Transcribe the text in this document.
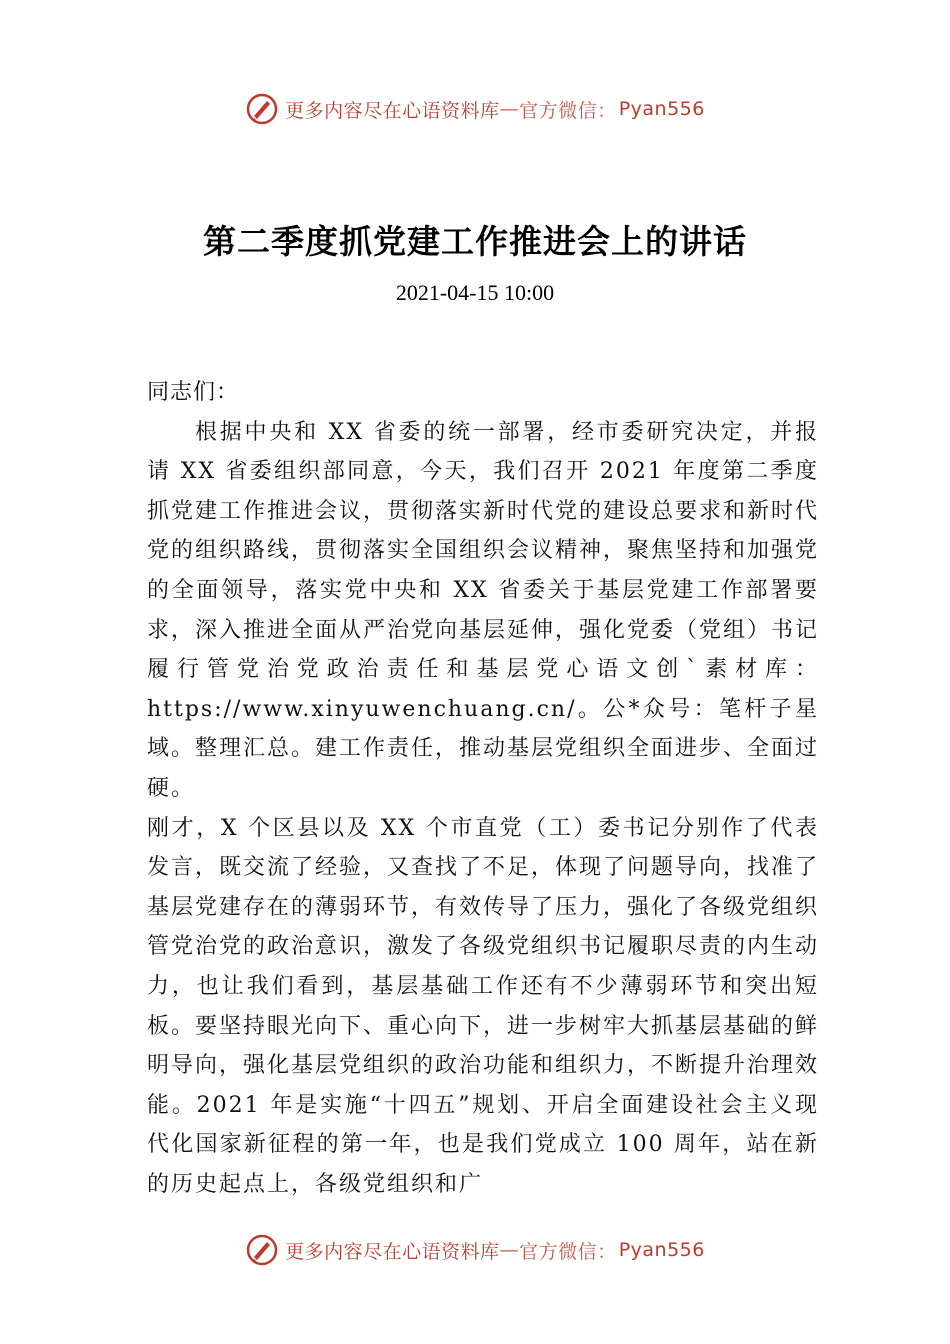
更多内容尽在心语资料库 — 官方微信： Pyan556
第二季度抓党建工作推进会上的讲话
2021-04-15 10:00

同志们：

根据中央和 XX 省委的统一部署，经市委研究决定，并报请 XX 省委组织部同意，今天，我们召开 2021 年度第二季度抓党建工作推进会议，贯彻落实新时代党的建设总要求和新时代党的组织路线，贯彻落实全国组织会议精神，聚焦坚持和加强党的全面领导，落实党中央和 XX 省委关于基层党建工作部署要求，深入推进全面从严治党向基层延伸，强化党委（党组）书记履行管党治党政治责任和基层党心语文创`素材库：https://www.xinyuwenchuang.cn/。公*众号：笔杆子星域。整理汇总。建工作责任，推动基层党组织全面进步、全面过硬。

刚才，X 个区县以及 XX 个市直党（工）委书记分别作了代表发言，既交流了经验，又查找了不足，体现了问题导向，找准了基层党建存在的薄弱环节，有效传导了压力，强化了各级党组织管党治党的政治意识，激发了各级党组织书记履职尽责的内生动力，也让我们看到，基层基础工作还有不少薄弱环节和突出短板。要坚持眼光向下、重心向下，进一步树牢大抓基层基础的鲜明导向，强化基层党组织的政治功能和组织力，不断提升治理效能。2021 年是实施“十四五”规划、开启全面建设社会主义现代化国家新征程的第一年，也是我们党成立 100 周年，站在新的历史起点上，各级党组织和广

更多内容尽在心语资料库 — 官方微信： Pyan556
